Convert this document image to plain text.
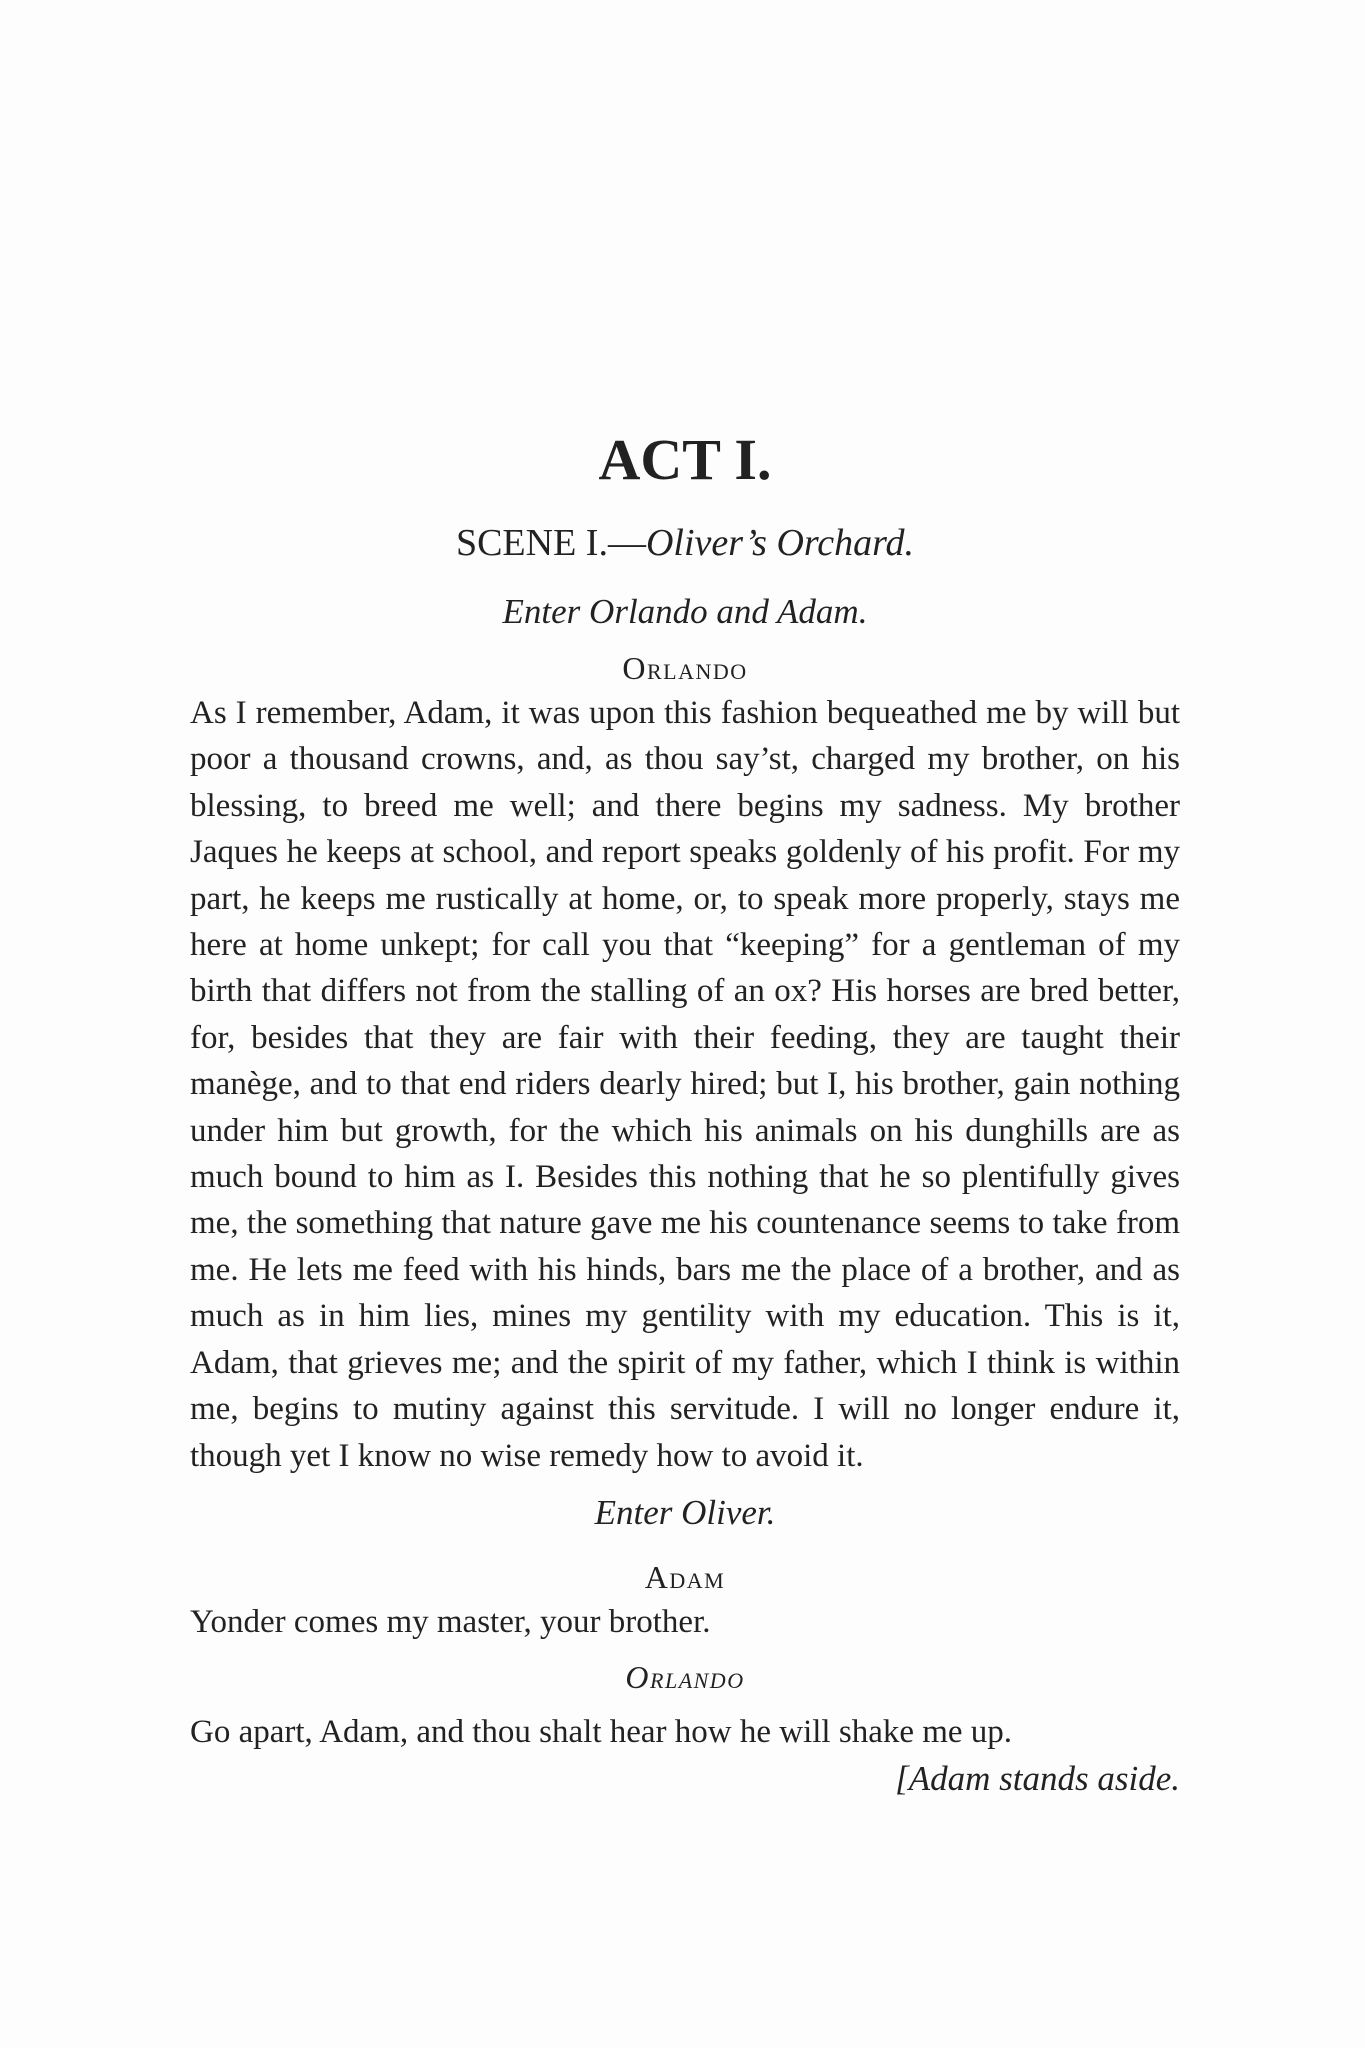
ACT I.

SCENE I.—Oliver’s Orchard.

Enter Orlando and Adam.

Orlando

As I remember, Adam, it was upon this fashion bequeathed me by will but poor a thousand crowns, and, as thou say’st, charged my brother, on his blessing, to breed me well; and there begins my sadness. My brother Jaques he keeps at school, and report speaks goldenly of his profit. For my part, he keeps me rustically at home, or, to speak more properly, stays me here at home unkept; for call you that “keeping” for a gentleman of my birth that differs not from the stalling of an ox? His horses are bred better, for, besides that they are fair with their feeding, they are taught their manège, and to that end riders dearly hired; but I, his brother, gain nothing under him but growth, for the which his animals on his dunghills are as much bound to him as I. Besides this nothing that he so plentifully gives me, the something that nature gave me his countenance seems to take from me. He lets me feed with his hinds, bars me the place of a brother, and as much as in him lies, mines my gentility with my education. This is it, Adam, that grieves me; and the spirit of my father, which I think is within me, begins to mutiny against this servitude. I will no longer endure it, though yet I know no wise remedy how to avoid it.

Enter Oliver.

Adam

Yonder comes my master, your brother.

Orlando

Go apart, Adam, and thou shalt hear how he will shake me up.

[Adam stands aside.
